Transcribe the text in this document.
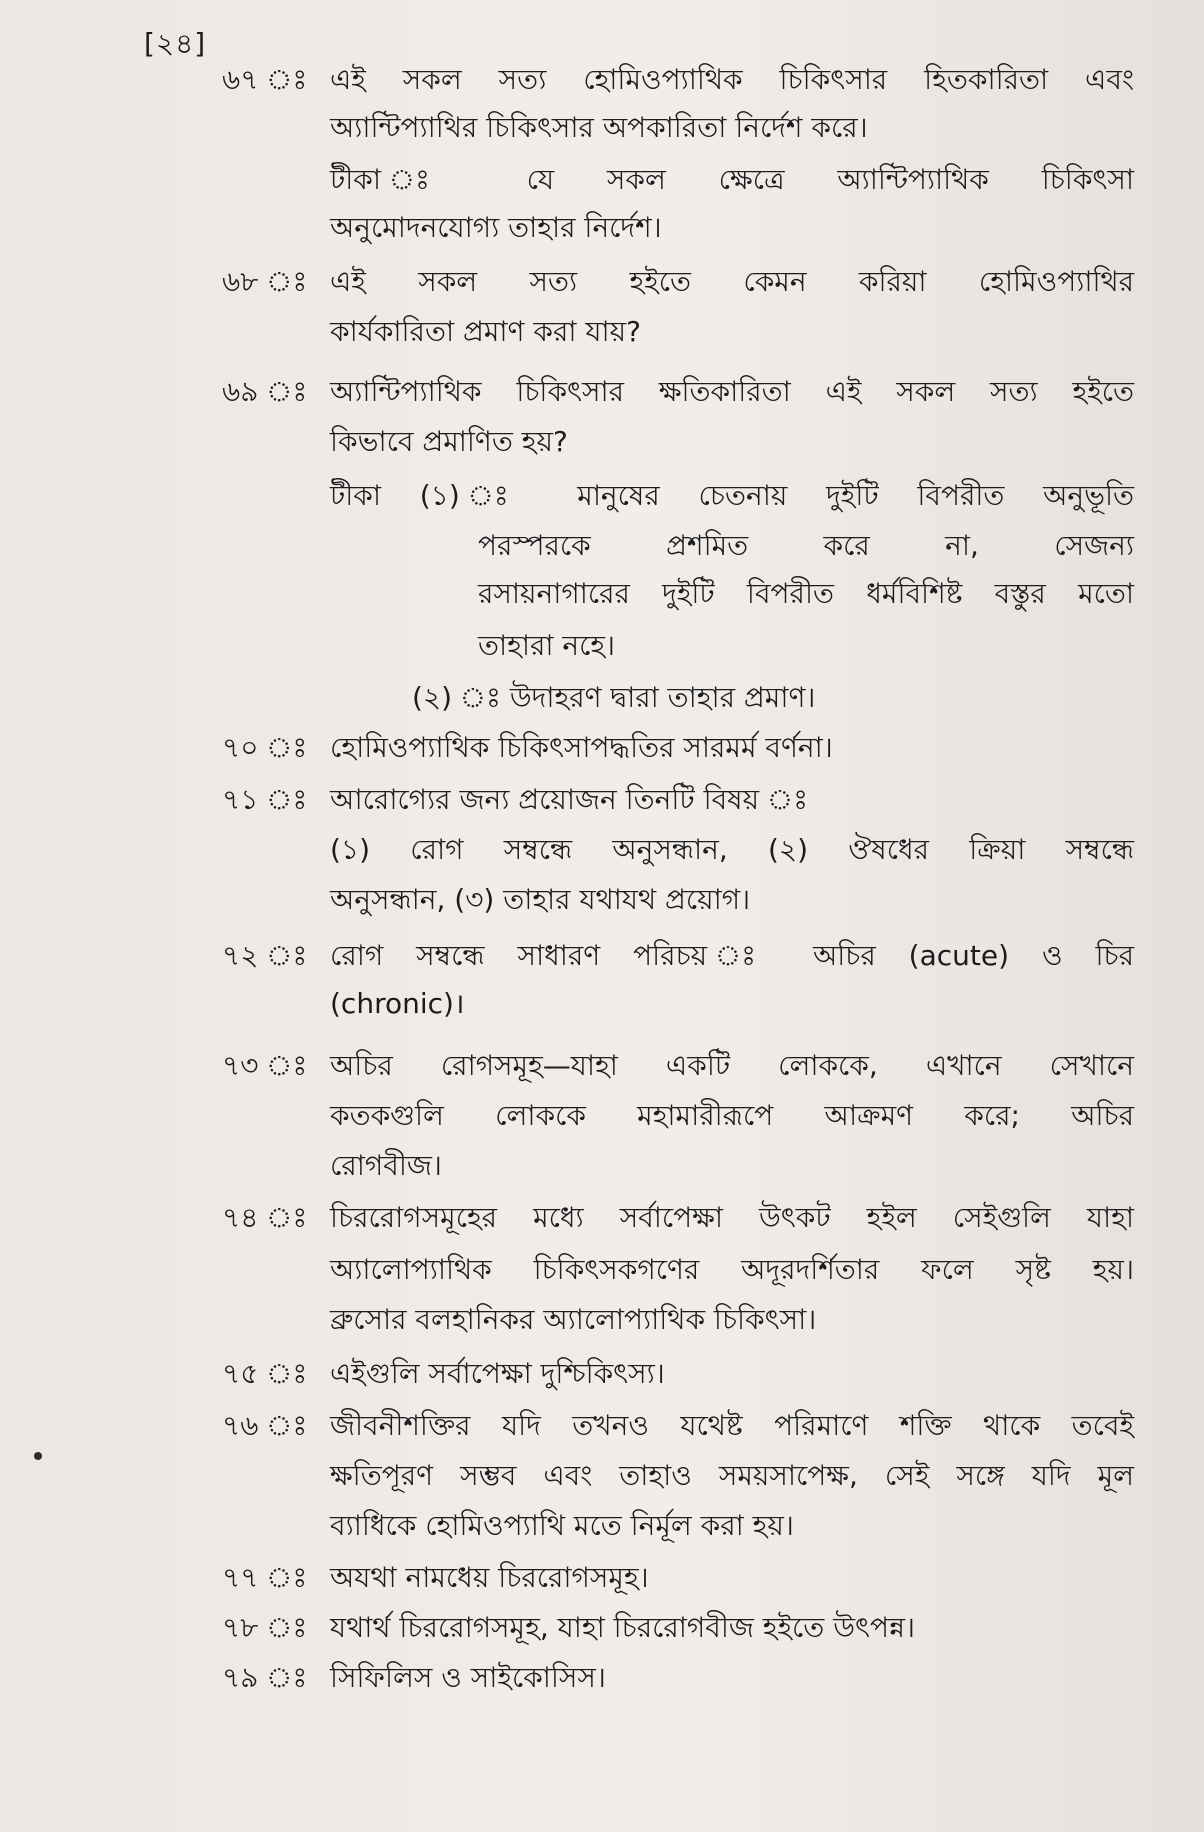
[২৪]
৬৭ ঃ এই সকল সত্য হোমিওপ্যাথিক চিকিৎসার হিতকারিতা এবং
অ্যান্টিপ্যাথির চিকিৎসার অপকারিতা নির্দেশ করে।
টীকা ঃ যে সকল ক্ষেত্রে অ্যান্টিপ্যাথিক চিকিৎসা
অনুমোদনযোগ্য তাহার নির্দেশ।
৬৮ ঃ এই সকল সত্য হইতে কেমন করিয়া হোমিওপ্যাথির
কার্যকারিতা প্রমাণ করা যায়?
৬৯ ঃ অ্যান্টিপ্যাথিক চিকিৎসার ক্ষতিকারিতা এই সকল সত্য হইতে
কিভাবে প্রমাণিত হয়?
টীকা (১) ঃ মানুষের চেতনায় দুইটি বিপরীত অনুভূতি
পরস্পরকে প্রশমিত করে না, সেজন্য
রসায়নাগারের দুইটি বিপরীত ধর্মবিশিষ্ট বস্তুর মতো
তাহারা নহে।
(২) ঃ উদাহরণ দ্বারা তাহার প্রমাণ।
৭০ ঃ হোমিওপ্যাথিক চিকিৎসাপদ্ধতির সারমর্ম বর্ণনা।
৭১ ঃ আরোগ্যের জন্য প্রয়োজন তিনটি বিষয় ঃ
(১) রোগ সম্বন্ধে অনুসন্ধান, (২) ঔষধের ক্রিয়া সম্বন্ধে
অনুসন্ধান, (৩) তাহার যথাযথ প্রয়োগ।
৭২ ঃ রোগ সম্বন্ধে সাধারণ পরিচয় ঃ অচির (acute) ও চির
(chronic)।
৭৩ ঃ অচির রোগসমূহ—যাহা একটি লোককে, এখানে সেখানে
কতকগুলি লোককে মহামারীরূপে আক্রমণ করে; অচির
রোগবীজ।
৭৪ ঃ চিররোগসমূহের মধ্যে সর্বাপেক্ষা উৎকট হইল সেইগুলি যাহা
অ্যালোপ্যাথিক চিকিৎসকগণের অদূরদর্শিতার ফলে সৃষ্ট হয়।
ব্রুসোর বলহানিকর অ্যালোপ্যাথিক চিকিৎসা।
৭৫ ঃ এইগুলি সর্বাপেক্ষা দুশ্চিকিৎস্য।
৭৬ ঃ জীবনীশক্তির যদি তখনও যথেষ্ট পরিমাণে শক্তি থাকে তবেই
ক্ষতিপূরণ সম্ভব এবং তাহাও সময়সাপেক্ষ, সেই সঙ্গে যদি মূল
ব্যাধিকে হোমিওপ্যাথি মতে নির্মূল করা হয়।
৭৭ ঃ অযথা নামধেয় চিররোগসমূহ।
৭৮ ঃ যথার্থ চিররোগসমূহ, যাহা চিররোগবীজ হইতে উৎপন্ন।
৭৯ ঃ সিফিলিস ও সাইকোসিস।
